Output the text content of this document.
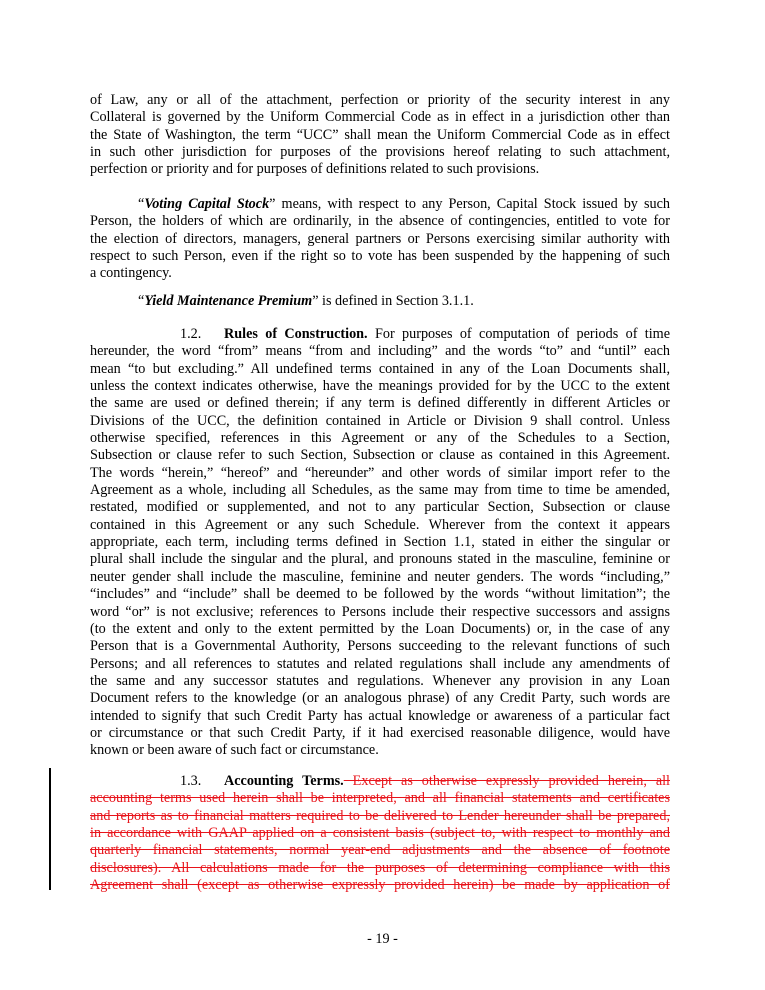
of Law, any or all of the attachment, perfection or priority of the security interest in any
Collateral is governed by the Uniform Commercial Code as in effect in a jurisdiction other than
the State of Washington, the term “UCC” shall mean the Uniform Commercial Code as in effect
in such other jurisdiction for purposes of the provisions hereof relating to such attachment,
perfection or priority and for purposes of definitions related to such provisions.
“Voting Capital Stock” means, with respect to any Person, Capital Stock issued by such
Person, the holders of which are ordinarily, in the absence of contingencies, entitled to vote for
the election of directors, managers, general partners or Persons exercising similar authority with
respect to such Person, even if the right so to vote has been suspended by the happening of such
a contingency.
“Yield Maintenance Premium” is defined in Section 3.1.1.
1.2. Rules of Construction. For purposes of computation of periods of time
hereunder, the word “from” means “from and including” and the words “to” and “until” each
mean “to but excluding.” All undefined terms contained in any of the Loan Documents shall,
unless the context indicates otherwise, have the meanings provided for by the UCC to the extent
the same are used or defined therein; if any term is defined differently in different Articles or
Divisions of the UCC, the definition contained in Article or Division 9 shall control. Unless
otherwise specified, references in this Agreement or any of the Schedules to a Section,
Subsection or clause refer to such Section, Subsection or clause as contained in this Agreement.
The words “herein,” “hereof” and “hereunder” and other words of similar import refer to the
Agreement as a whole, including all Schedules, as the same may from time to time be amended,
restated, modified or supplemented, and not to any particular Section, Subsection or clause
contained in this Agreement or any such Schedule. Wherever from the context it appears
appropriate, each term, including terms defined in Section 1.1, stated in either the singular or
plural shall include the singular and the plural, and pronouns stated in the masculine, feminine or
neuter gender shall include the masculine, feminine and neuter genders. The words “including,”
“includes” and “include” shall be deemed to be followed by the words “without limitation”; the
word “or” is not exclusive; references to Persons include their respective successors and assigns
(to the extent and only to the extent permitted by the Loan Documents) or, in the case of any
Person that is a Governmental Authority, Persons succeeding to the relevant functions of such
Persons; and all references to statutes and related regulations shall include any amendments of
the same and any successor statutes and regulations. Whenever any provision in any Loan
Document refers to the knowledge (or an analogous phrase) of any Credit Party, such words are
intended to signify that such Credit Party has actual knowledge or awareness of a particular fact
or circumstance or that such Credit Party, if it had exercised reasonable diligence, would have
known or been aware of such fact or circumstance.
1.3. Accounting Terms. Except as otherwise expressly provided herein, all
accounting terms used herein shall be interpreted, and all financial statements and certificates
and reports as to financial matters required to be delivered to Lender hereunder shall be prepared,
in accordance with GAAP applied on a consistent basis (subject to, with respect to monthly and
quarterly financial statements, normal year-end adjustments and the absence of footnote
disclosures). All calculations made for the purposes of determining compliance with this
Agreement shall (except as otherwise expressly provided herein) be made by application of
- 19 -
